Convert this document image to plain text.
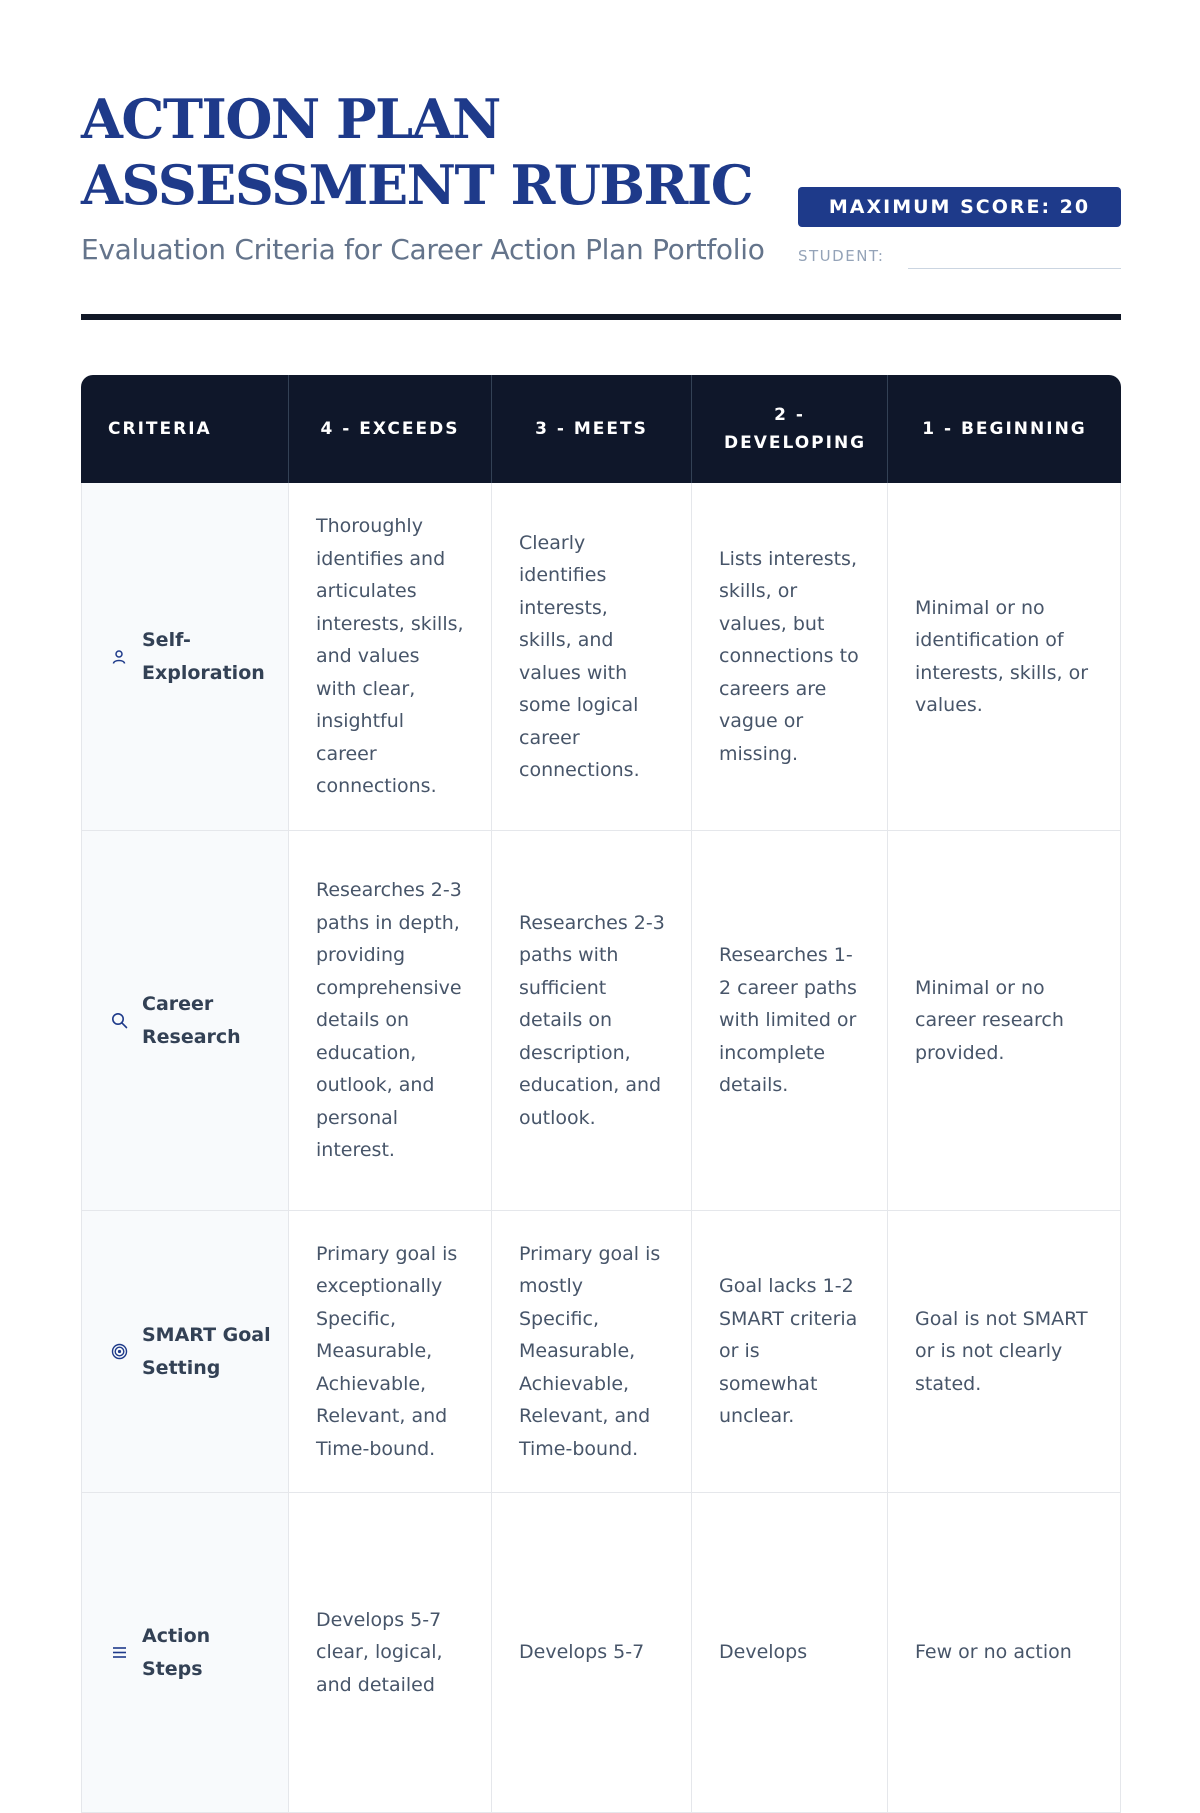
ACTION PLAN
ASSESSMENT RUBRIC

Evaluation Criteria for Career Action Plan Portfolio

MAXIMUM SCORE: 20
STUDENT:
CRITERIA	4 - EXCEEDS	3 - MEETS	2 - DEVELOPING	1 - BEGINNING

Self-Exploration	Thoroughly identifies and articulates interests, skills, and values with clear, insightful career connections.	Clearly identifies interests, skills, and values with some logical career connections.	Lists interests, skills, or values, but connections to careers are vague or missing.	Minimal or no identification of interests, skills, or values.

Career Research	Researches 2-3 paths in depth, providing comprehensive details on education, outlook, and personal interest.	Researches 2-3 paths with sufficient details on description, education, and outlook.	Researches 1-2 career paths with limited or incomplete details.	Minimal or no career research provided.

SMART Goal Setting	Primary goal is exceptionally Specific, Measurable, Achievable, Relevant, and Time-bound.	Primary goal is mostly Specific, Measurable, Achievable, Relevant, and Time-bound.	Goal lacks 1-2 SMART criteria or is somewhat unclear.	Goal is not SMART or is not clearly stated.

Action Steps	Develops 5-7 clear, logical, and detailed	Develops 5-7	Develops	Few or no action
